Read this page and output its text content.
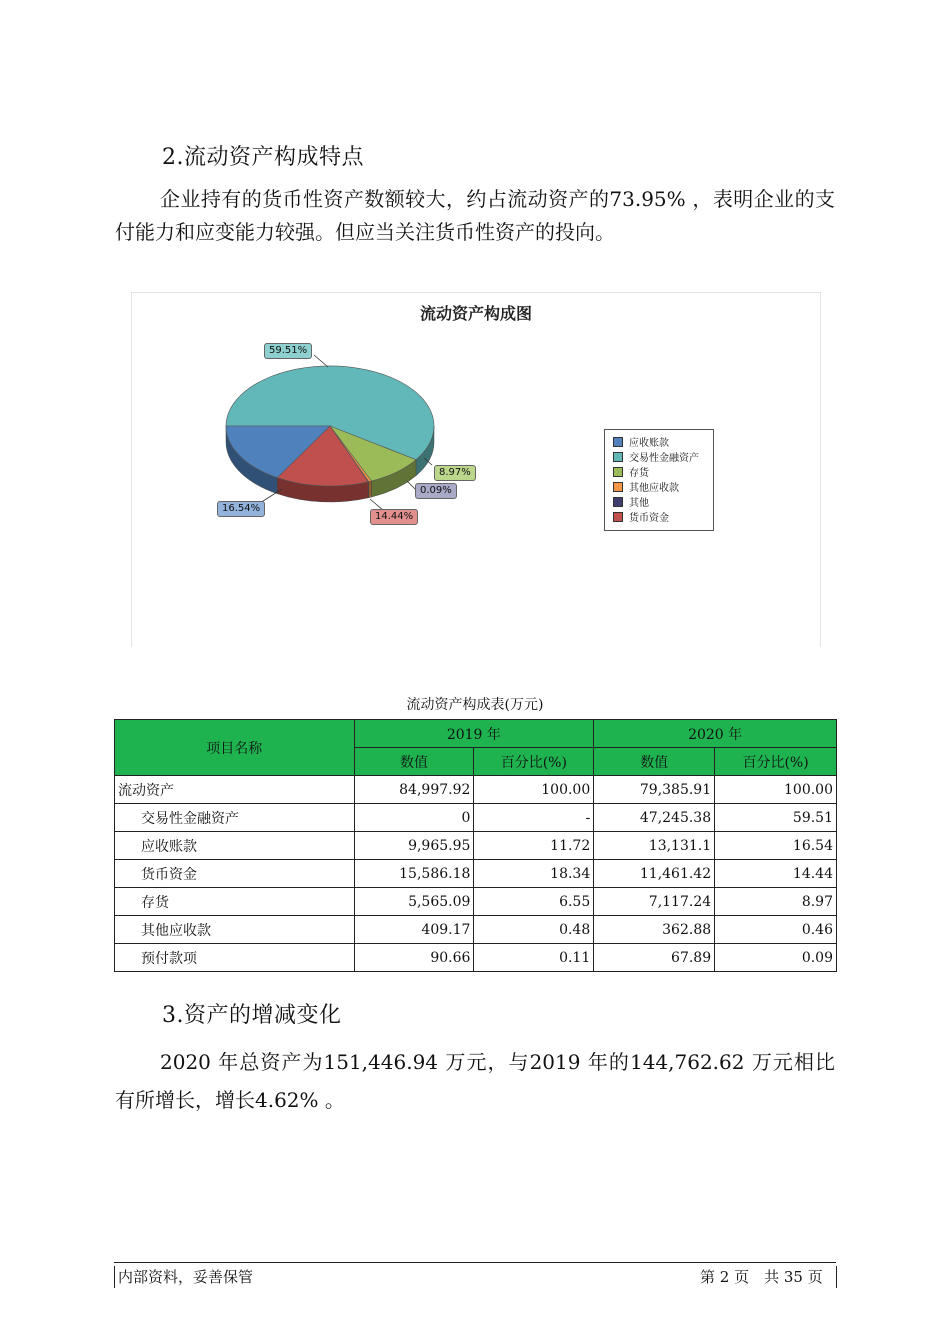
2.流动资产构成特点
企业持有的货币性资产数额较大，约占流动资产的73.95% ，表明企业的支付能力和应变能力较强。但应当关注货币性资产的投向。
流动资产构成图
应收账款
交易性金融资产
存货
其他应收款
其他
货币资金
59.51%
8.97%
0.09%
16.54%
14.44%
流动资产构成表(万元)
项目名称	2019 年		2020 年	
	数值	百分比(%)	数值	百分比(%)
流动资产	84,997.92	100.00	79,385.91	100.00
交易性金融资产	0	-	47,245.38	59.51
应收账款	9,965.95	11.72	13,131.1	16.54
货币资金	15,586.18	18.34	11,461.42	14.44
存货	5,565.09	6.55	7,117.24	8.97
其他应收款	409.17	0.48	362.88	0.46
预付款项	90.66	0.11	67.89	0.09
3.资产的增减变化
2020 年总资产为151,446.94 万元，与2019 年的144,762.62 万元相比有所增长，增长4.62% 。
内部资料，妥善保管	第 2 页　共 35 页
